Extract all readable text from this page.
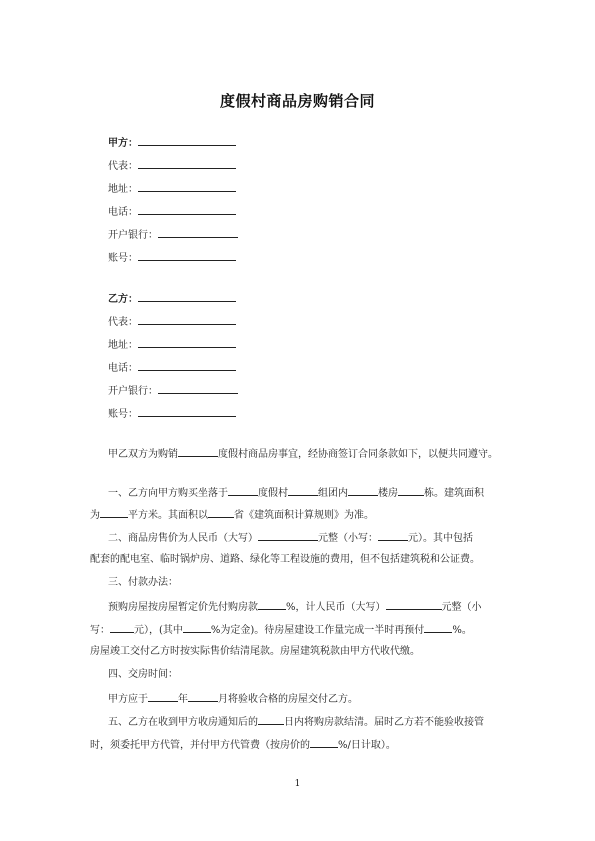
度假村商品房购销合同
甲方：
代表：
地址：
电话：
开户银行：
账号：
乙方：
代表：
地址：
电话：
开户银行：
账号：
甲乙双方为购销	度假村商品房事宜，经协商签订合同条款如下，以便共同遵守。
一、乙方向甲方购买坐落于	度假村	组团内	楼房	栋。建筑面积
为	平方米。其面积以	省《建筑面积计算规则》为准。
二、商品房售价为人民币（大写）	元整（小写：	元）。其中包括
配套的配电室、临时锅炉房、道路、绿化等工程设施的费用，但不包括建筑税和公证费。
三、付款办法：
预购房屋按房屋暂定价先付购房款	%，计人民币（大写）	元整（小
写： 元），(其中	%为定金)。待房屋建设工作量完成一半时再预付	%。
房屋竣工交付乙方时按实际售价结清尾款。房屋建筑税款由甲方代收代缴。
四、交房时间：
甲方应于	年	月将验收合格的房屋交付乙方。
五、乙方在收到甲方收房通知后的	日内将购房款结清。届时乙方若不能验收接管
时，须委托甲方代管，并付甲方代管费（按房价的	%/日计取）。
1
